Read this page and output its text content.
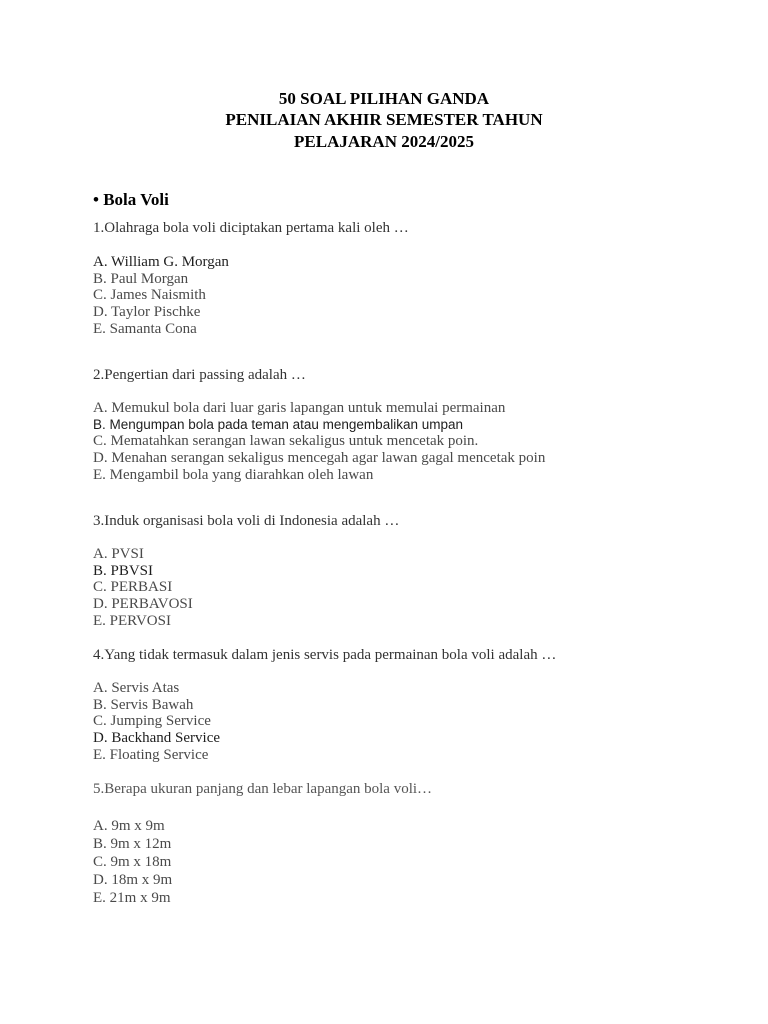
50 SOAL PILIHAN GANDA
PENILAIAN AKHIR SEMESTER TAHUN
PELAJARAN 2024/2025
• Bola Voli
1.Olahraga bola voli diciptakan pertama kali oleh …
A. William G. Morgan
B. Paul Morgan
C. James Naismith
D. Taylor Pischke
E. Samanta Cona
2.Pengertian dari passing adalah …
A. Memukul bola dari luar garis lapangan untuk memulai permainan
B. Mengumpan bola pada teman atau mengembalikan umpan
C. Mematahkan serangan lawan sekaligus untuk mencetak poin.
D. Menahan serangan sekaligus mencegah agar lawan gagal mencetak poin
E. Mengambil bola yang diarahkan oleh lawan
3.Induk organisasi bola voli di Indonesia adalah …
A. PVSI
B. PBVSI
C. PERBASI
D. PERBAVOSI
E. PERVOSI
4.Yang tidak termasuk dalam jenis servis pada permainan bola voli adalah …
A. Servis Atas
B. Servis Bawah
C. Jumping Service
D. Backhand Service
E. Floating Service
5.Berapa ukuran panjang dan lebar lapangan bola voli…
A. 9m x 9m
B. 9m x 12m
C. 9m x 18m
D. 18m x 9m
E. 21m x 9m
